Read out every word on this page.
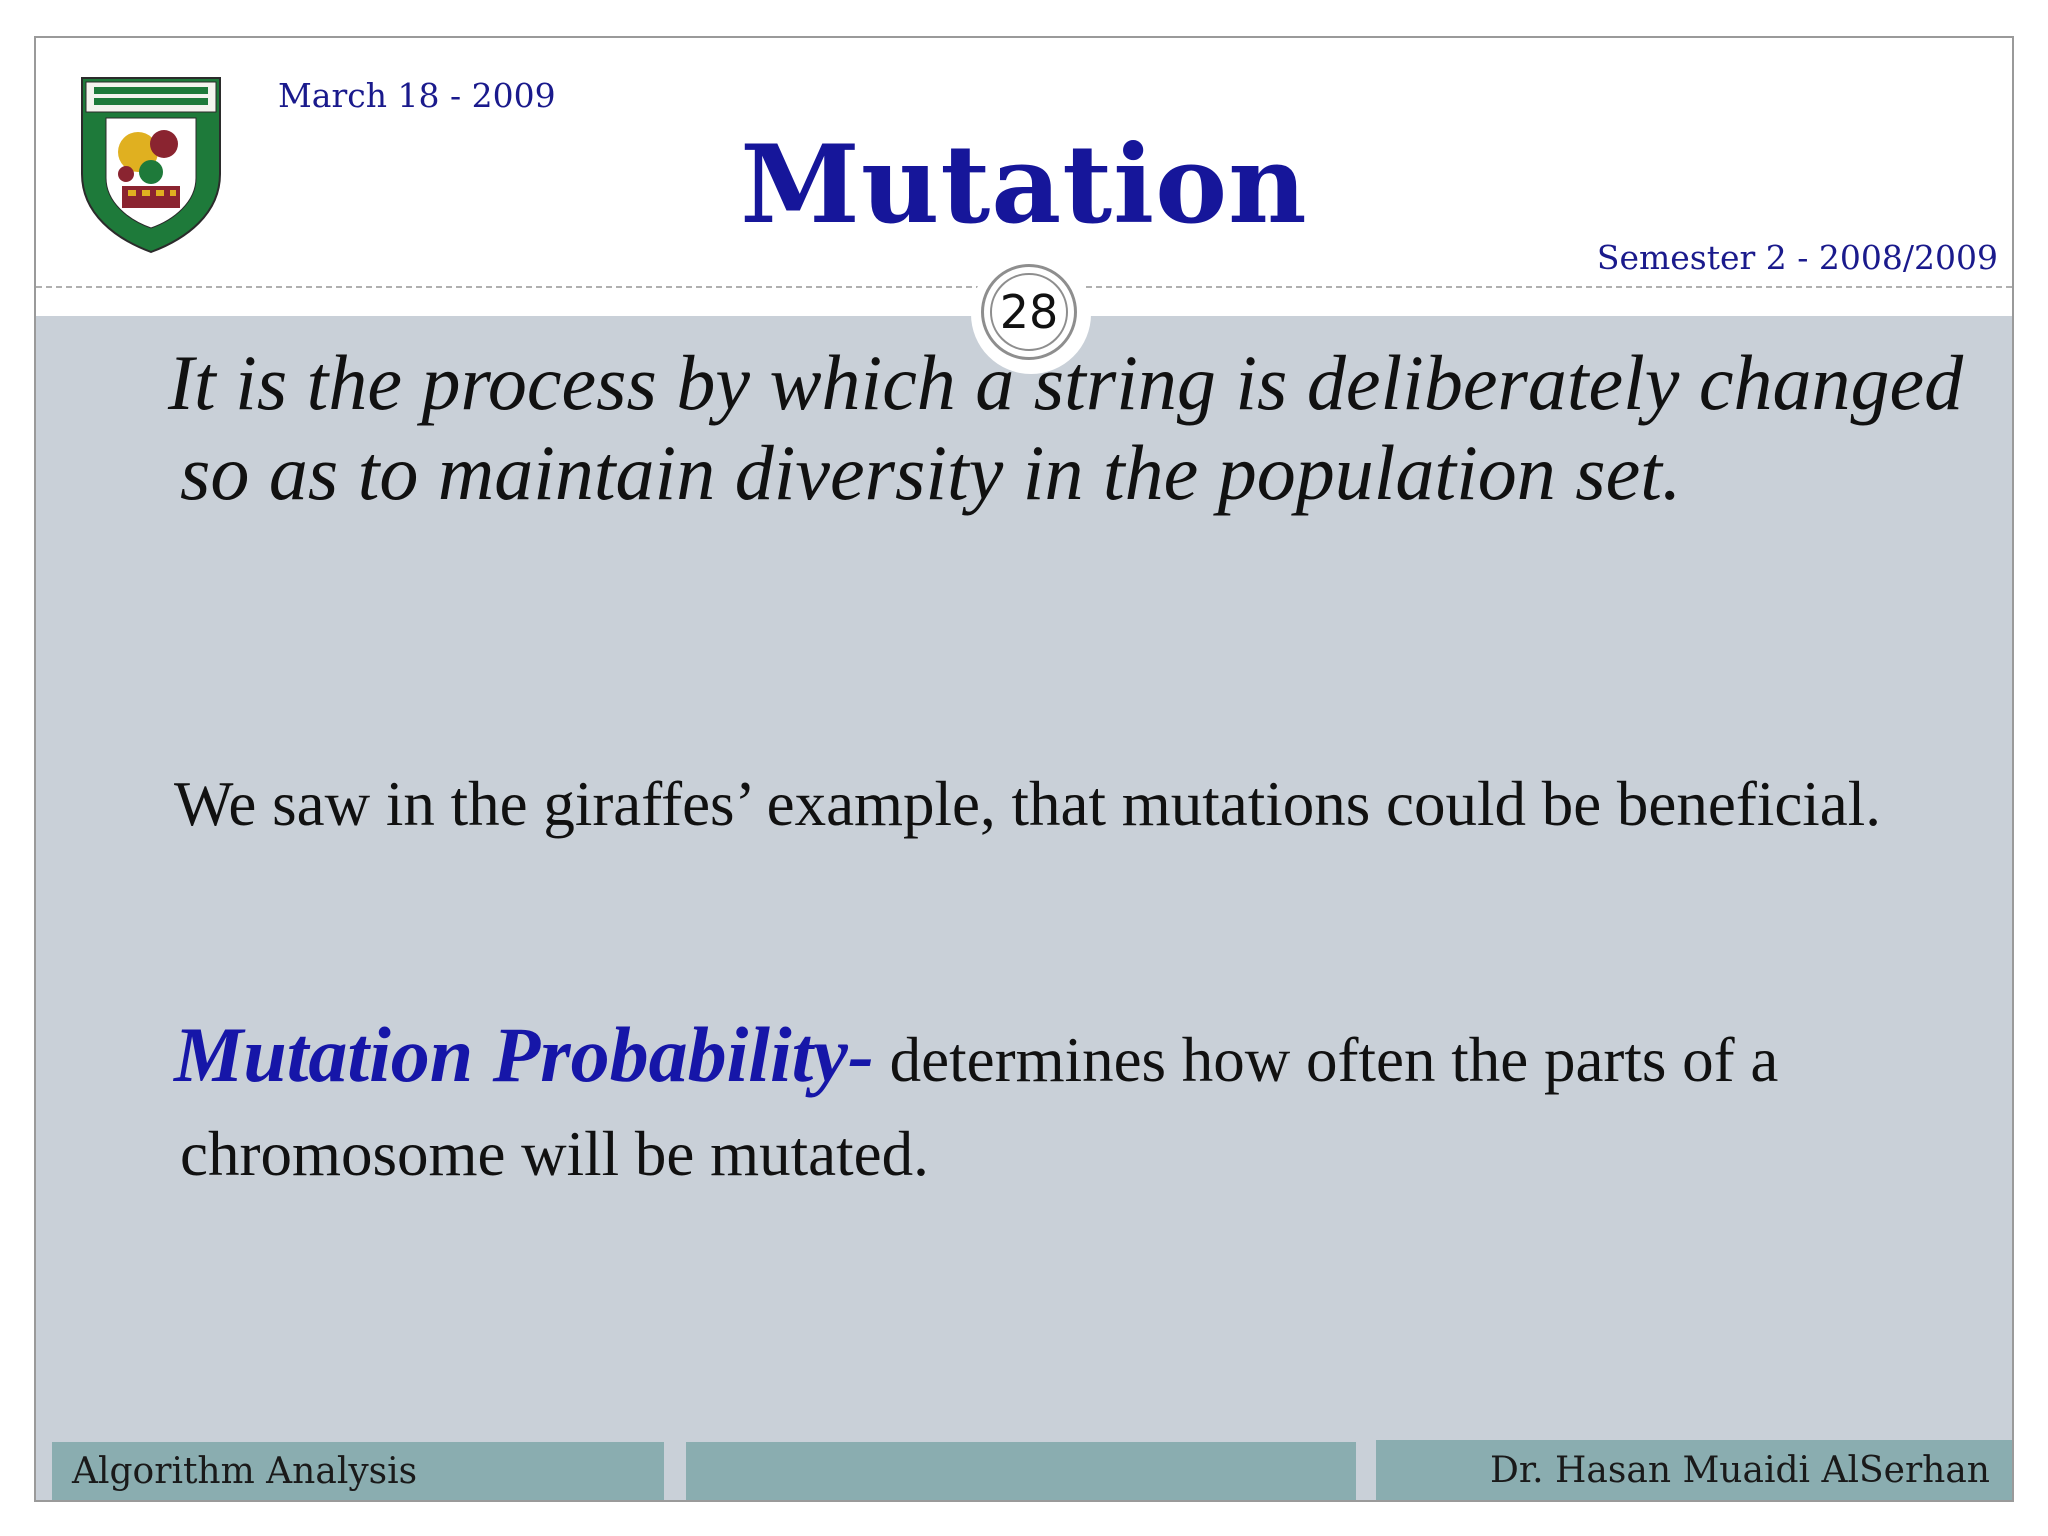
March 18 - 2009
Mutation
Semester 2 - 2008/2009
28
It is the process by which a string is deliberately changed so as to maintain diversity in the population set.
We saw in the giraffes’ example, that mutations could be beneficial.
Mutation Probability- determines how often the parts of a chromosome will be mutated.
Algorithm Analysis	Dr. Hasan Muaidi AlSerhan
